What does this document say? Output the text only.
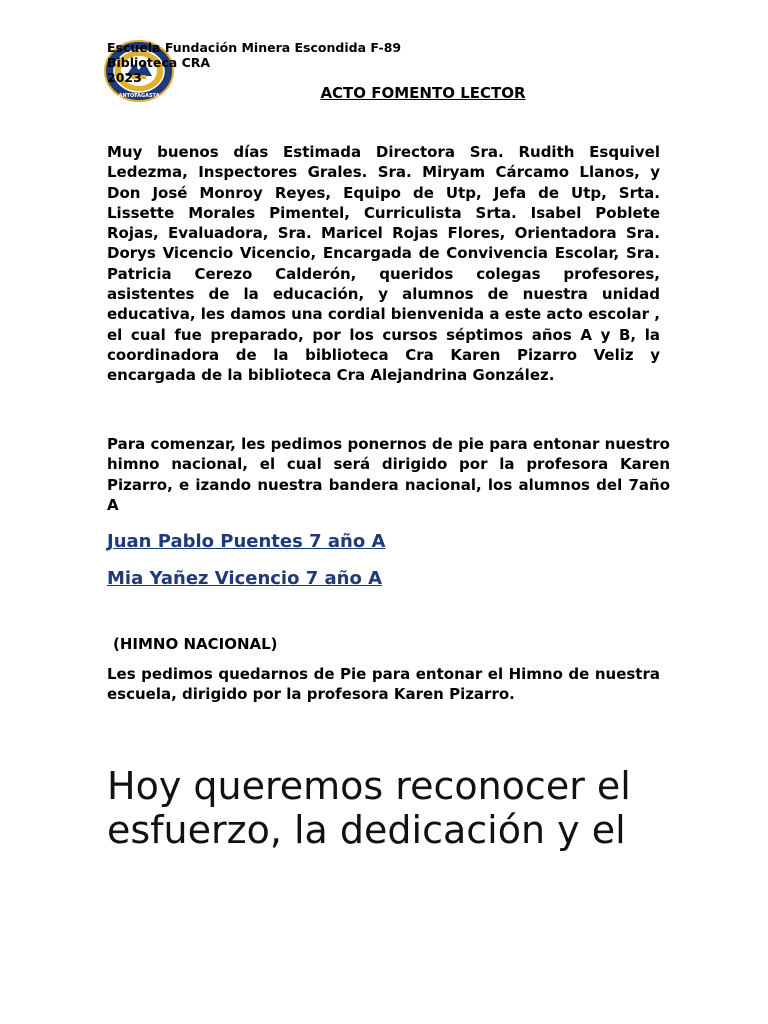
ANTOFAGASTA
Escuela Fundación Minera Escondida F-89
Biblioteca CRA
2023
ACTO FOMENTO LECTOR
Muy buenos días Estimada Directora Sra. Rudith Esquivel Ledezma, Inspectores Grales. Sra. Miryam Cárcamo Llanos, y Don José Monroy Reyes, Equipo de Utp, Jefa de Utp, Srta. Lissette Morales Pimentel, Curriculista Srta. Isabel Poblete Rojas, Evaluadora, Sra. Maricel Rojas Flores, Orientadora Sra. Dorys Vicencio Vicencio, Encargada de Convivencia Escolar, Sra. Patricia Cerezo Calderón, queridos colegas profesores, asistentes de la educación, y alumnos de nuestra unidad educativa, les damos una cordial bienvenida a este acto escolar , el cual fue preparado, por los cursos séptimos años A y B, la coordinadora de la biblioteca Cra Karen Pizarro Veliz y encargada de la biblioteca Cra Alejandrina González.
Para comenzar, les pedimos ponernos de pie para entonar nuestro himno nacional, el cual será dirigido por la profesora Karen Pizarro, e izando nuestra bandera nacional, los alumnos del 7año A
Juan Pablo Puentes 7 año A
Mia Yañez Vicencio 7 año A
(HIMNO NACIONAL)
Les pedimos quedarnos de Pie para entonar el Himno de nuestra escuela, dirigido por la profesora Karen Pizarro.
Hoy queremos reconocer el esfuerzo, la dedicación y el
